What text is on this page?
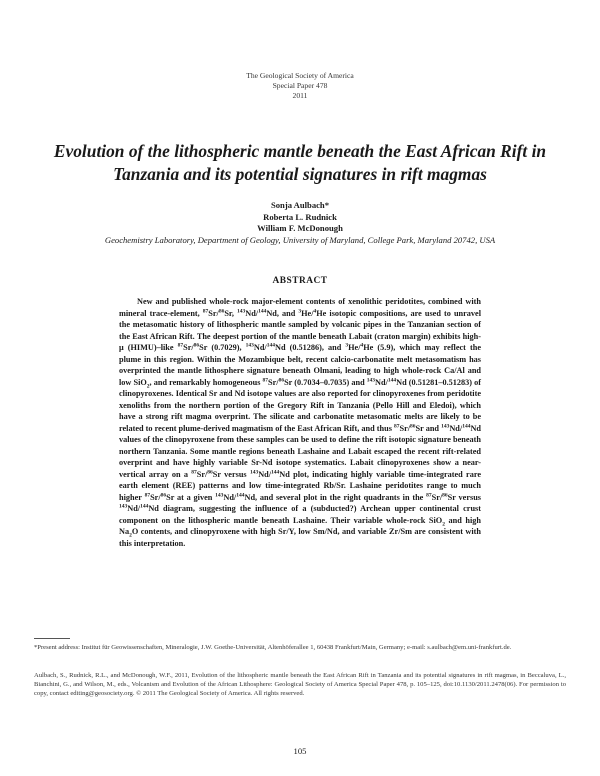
The Geological Society of America
Special Paper 478
2011
Evolution of the lithospheric mantle beneath the East African Rift in Tanzania and its potential signatures in rift magmas
Sonja Aulbach*
Roberta L. Rudnick
William F. McDonough
Geochemistry Laboratory, Department of Geology, University of Maryland, College Park, Maryland 20742, USA
ABSTRACT

New and published whole-rock major-element contents of xenolithic peridotites, combined with mineral trace-element, $^{87}$Sr/$^{86}$Sr, $^{143}$Nd/$^{144}$Nd, and $^3$He/$^4$He isotopic compositions, are used to unravel the metasomatic history of lithospheric mantle sampled by volcanic pipes in the Tanzanian section of the East African Rift. The deepest portion of the mantle beneath Labait (craton margin) exhibits high-μ (HIMU)–like $^{87}$Sr/$^{86}$Sr (0.7029), $^{143}$Nd/$^{144}$Nd (0.51286), and $^3$He/$^4$He (5.9), which may reflect the plume in this region. Within the Mozambique belt, recent calcio-carbonatite melt metasomatism has overprinted the mantle lithosphere signature beneath Olmani, leading to high whole-rock Ca/Al and low SiO$_2$, and remarkably homogeneous $^{87}$Sr/$^{86}$Sr (0.7034–0.7035) and $^{143}$Nd/$^{144}$Nd (0.51281–0.51283) of clinopyroxenes. Identical Sr and Nd isotope values are also reported for clinopyroxenes from peridotite xenoliths from the northern portion of the Gregory Rift in Tanzania (Pello Hill and Eledoi), which have a strong rift magma overprint. The silicate and carbonatite metasomatic melts are likely to be related to recent plume-derived magmatism of the East African Rift, and thus $^{87}$Sr/$^{86}$Sr and $^{143}$Nd/$^{144}$Nd values of the clinopyroxene from these samples can be used to define the rift isotopic signature beneath northern Tanzania. Some mantle regions beneath Lashaine and Labait escaped the recent rift-related overprint and have highly variable Sr-Nd isotope systematics. Labait clinopyroxenes show a near-vertical array on a $^{87}$Sr/$^{86}$Sr versus $^{143}$Nd/$^{144}$Nd plot, indicating highly variable time-integrated rare earth element (REE) patterns and low time-integrated Rb/Sr. Lashaine peridotites range to much higher $^{87}$Sr/$^{86}$Sr at a given $^{143}$Nd/$^{144}$Nd, and several plot in the right quadrants in the $^{87}$Sr/$^{86}$Sr versus $^{143}$Nd/$^{144}$Nd diagram, suggesting the influence of a (subducted?) Archean upper continental crust component on the lithospheric mantle beneath Lashaine. Their variable whole-rock SiO$_2$ and high $Na_2O$ contents, and clinopyroxene with high Sr/Y, low Sm/Nd, and variable Zr/Sm are consistent with this interpretation.

*Present address: Institut für Geowissenschaften, Mineralogie, J.W. Goethe-Universität, Altenhöferallee 1, 60438 Frankfurt/Main, Germany; e-mail: s.aulbach@em.uni-frankfurt.de.

Aulbach, S., Rudnick, R.L., and McDonough, W.F., 2011, Evolution of the lithospheric mantle beneath the East African Rift in Tanzania and its potential signatures in rift magmas, in Beccaluva, L., Bianchini, G., and Wilson, M., eds., Volcanism and Evolution of the African Lithosphere: Geological Society of America Special Paper 478, p. 105–125, doi:10.1130/2011.2478(06). For permission to copy, contact editing@geosociety.org. © 2011 The Geological Society of America. All rights reserved.

105
